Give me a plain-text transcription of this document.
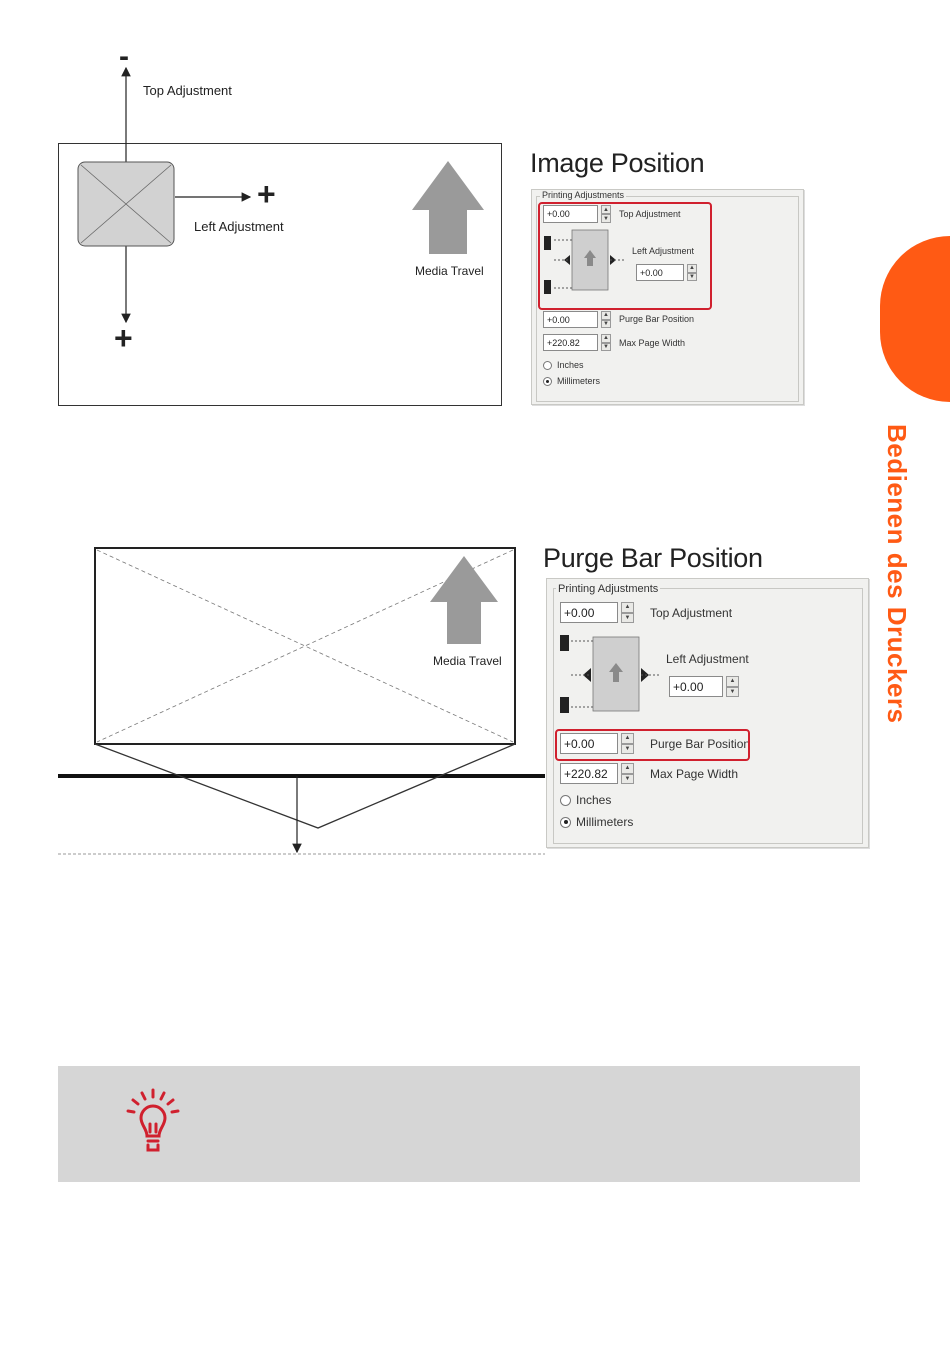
Bedienen des Druckers
-
Top Adjustment
+
Left Adjustment
+
Media Travel
Image Position
Printing Adjustments
+0.00
▲
▼ Top Adjustment
Left Adjustment
+0.00
▲
▼
+0.00
▲
▼ Purge Bar Position
+220.82
▲
▼ Max Page Width
Inches
Millimeters
Media Travel
Purge Bar Position
Printing Adjustments
+0.00
▲
▼ Top Adjustment
Left Adjustment
+0.00
▲
▼
+0.00
▲
▼ Purge Bar Position
+220.82
▲
▼ Max Page Width
Inches
Millimeters
